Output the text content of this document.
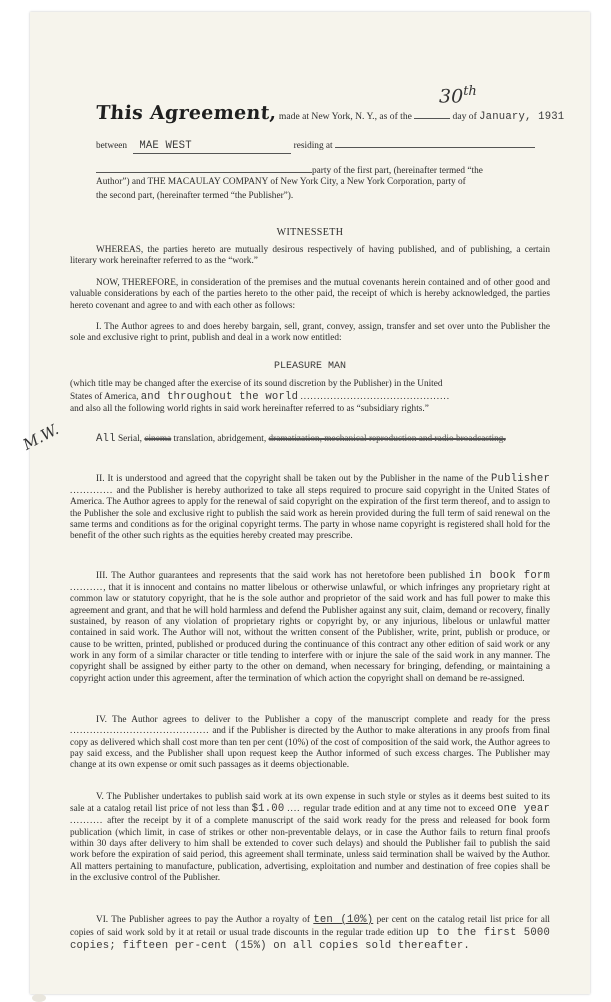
This Agreement, made at New York, N. Y., as of the	day of January, 1931
30th
between MAE WEST	residing at
party of the first part, (hereinafter termed “the
Author”) and THE MACAULAY COMPANY of New York City, a New York Corporation, party of
the second part, (hereinafter termed “the Publisher”).
WITNESSETH
WHEREAS, the parties hereto are mutually desirous respectively of having published, and of publishing, a certain literary work hereinafter referred to as the “work.”
NOW, THEREFORE, in consideration of the premises and the mutual covenants herein contained and of other good and valuable considerations by each of the parties hereto to the other paid, the receipt of which is hereby acknowledged, the parties hereto covenant and agree to and with each other as follows:
I. The Author agrees to and does hereby bargain, sell, grant, convey, assign, transfer and set over unto the Publisher the sole and exclusive right to print, publish and deal in a work now entitled:
PLEASURE MAN
(which title may be changed after the exercise of its sound discretion by the Publisher) in the United
States of America, and throughout the world .............................................
and also all the following world rights in said work hereinafter referred to as “subsidiary rights.”
All Serial, cinema translation, abridgement, dramatization, mechanical reproduction and radio broadcasting.
M.W.
II. It is understood and agreed that the copyright shall be taken out by the Publisher in the name of the Publisher ............. and the Publisher is hereby authorized to take all steps required to procure said copyright in the United States of America. The Author agrees to apply for the renewal of said copyright on the expiration of the first term thereof, and to assign to the Publisher the sole and exclusive right to publish the said work as herein provided during the full term of said renewal on the same terms and conditions as for the original copyright terms. The party in whose name copyright is registered shall hold for the benefit of the other such rights as the equities hereby created may prescribe.
III. The Author guarantees and represents that the said work has not heretofore been published in book form .........., that it is innocent and contains no matter libelous or otherwise unlawful, or which infringes any proprietary right at common law or statutory copyright, that he is the sole author and proprietor of the said work and has full power to make this agreement and grant, and that he will hold harmless and defend the Publisher against any suit, claim, demand or recovery, finally sustained, by reason of any violation of proprietary rights or copyright by, or any injurious, libelous or unlawful matter contained in said work. The Author will not, without the written consent of the Publisher, write, print, publish or produce, or cause to be written, printed, published or produced during the continuance of this contract any other edition of said work or any work in any form of a similar character or title tending to interfere with or injure the sale of the said work in any manner. The copyright shall be assigned by either party to the other on demand, when necessary for bringing, defending, or maintaining a copyright action under this agreement, after the termination of which action the copyright shall on demand be re-assigned.
IV. The Author agrees to deliver to the Publisher a copy of the manuscript complete and ready for the press .......................................... and if the Publisher is directed by the Author to make alterations in any proofs from final copy as delivered which shall cost more than ten per cent (10%) of the cost of composition of the said work, the Author agrees to pay said excess, and the Publisher shall upon request keep the Author informed of such excess charges. The Publisher may change at its own expense or omit such passages as it deems objectionable.
V. The Publisher undertakes to publish said work at its own expense in such style or styles as it deems best suited to its sale at a catalog retail list price of not less than $1.00 .... regular trade edition and at any time not to exceed one year .......... after the receipt by it of a complete manuscript of the said work ready for the press and released for book form publication (which limit, in case of strikes or other non-preventable delays, or in case the Author fails to return final proofs within 30 days after delivery to him shall be extended to cover such delays) and should the Publisher fail to publish the said work before the expiration of said period, this agreement shall terminate, unless said termination shall be waived by the Author. All matters pertaining to manufacture, publication, advertising, exploitation and number and destination of free copies shall be in the exclusive control of the Publisher.
VI. The Publisher agrees to pay the Author a royalty of ten (10%) per cent on the catalog retail list price for all copies of said work sold by it at retail or usual trade discounts in the regular trade edition up to the first 5000 copies; fifteen per-cent (15%) on all copies sold thereafter.
